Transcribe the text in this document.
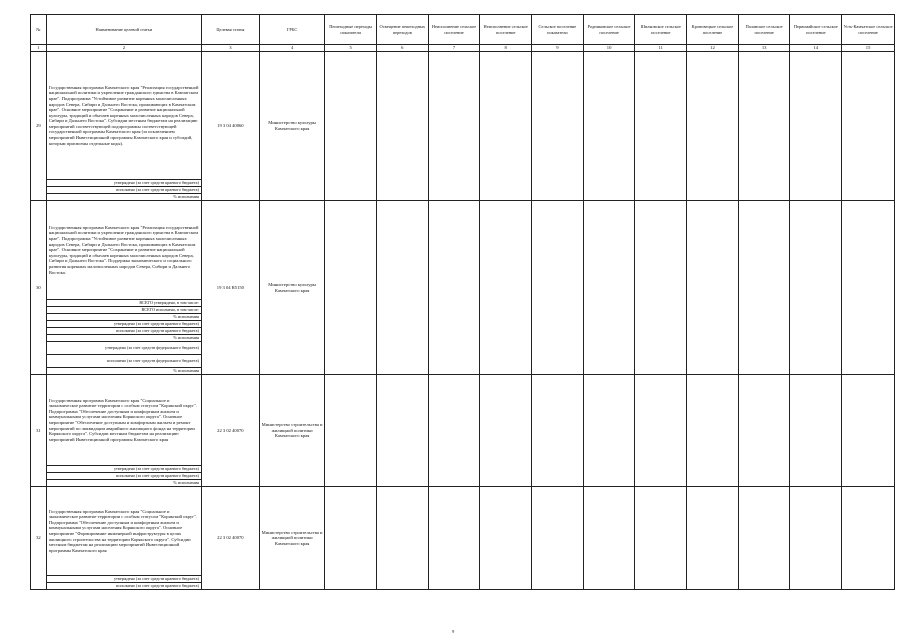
№	Наименование целевой статьи	Целевая статья	ГРБС	Пешеходные переходы показатели	Освещение пешеходных переходов	Неисполнение сельское поселение	Неисполнение сельское поселение	Сельское поселение показатели	Родниковское сельское поселение	Шилковское сельское поселение	Кроновецкое сельское поселение	Паланское сельское поселение	Первомайское сельское поселение	Усть-Камчатское сельское поселение
1	2	3	4	5	6	7	8	9	10	11	12	13	14	15
29	Государственная программа Камчатского края "Реализация государственной национальной политики и укрепление гражданского единства в Камчатском крае". Подпрограмма "Устойчивое развитие коренных малочисленных народов Севера, Сибири и Дальнего Востока, проживающих в Камчатском крае". Основное мероприятие "Сохранение и развитие национальной культуры, традиций и обычаев коренных малочисленных народов Севера, Сибири и Дальнего Востока". Субсидии местным бюджетам на реализацию мероприятий соответствующей подпрограммы соответствующей государственной программы Камчатского края (за исключением мероприятий Инвестиционной программы Камчатского края и субсидий, которым присвоены отдельные коды).	19 3 04 40060	Министерство культуры Камчатского края											
	утверждено (за счет средств краевого бюджета)													
	исполнено (за счет средств краевого бюджета)													
	% исполнения													
30	Государственная программа Камчатского края "Реализация государственной национальной политики и укрепление гражданского единства в Камчатском крае". Подпрограмма "Устойчивое развитие коренных малочисленных народов Севера, Сибири и Дальнего Востока, проживающих в Камчатском крае". Основное мероприятие "Сохранение и развитие национальной культуры, традиций и обычаев коренных малочисленных народов Севера, Сибири и Дальнего Востока". Поддержка экономического и социального развития коренных малочисленных народов Севера, Сибири и Дальнего Востока.	19 3 04 R5150	Министерство культуры Камчатского края											
	ВСЕГО утверждено, в том числе:													
	ВСЕГО исполнено, в том числе:													
	% исполнения													
	утверждено (за счет средств краевого бюджета)													
	исполнено (за счет средств краевого бюджета)													
	% исполнения													
	утверждено (за счет средств федерального бюджета)													
	исполнено (за счет средств федерального бюджета)													
	% исполнения													
31	Государственная программа Камчатского края "Социальное и экономическое развитие территории с особым статусом "Корякский округ". Подпрограмма "Обеспечение доступным и комфортным жильем и коммунальными услугами населения Корякского округа". Основное мероприятие "Обеспечение доступным и комфортным жильем и ремонт мероприятий по ликвидации аварийного жилищного фонда на территории Корякского округа". Субсидии местным бюджетам на реализацию мероприятий Инвестиционной программы Камчатского края	22 3 02 40070	Министерство строительства и жилищной политики Камчатского края											
	утверждено (за счет средств краевого бюджета)													
	исполнено (за счет средств краевого бюджета)													
	% исполнения													
32	Государственная программа Камчатского края "Социальное и экономическое развитие территории с особым статусом "Корякский округ". Подпрограмма "Обеспечение доступным и комфортным жильем и коммунальными услугами населения Корякского округа". Основное мероприятие "Формирование инженерной инфраструктуры в целях жилищного строительства на территории Корякского округа". Субсидии местным бюджетам на реализацию мероприятий Инвестиционной программы Камчатского края	22 3 02 40070	Министерство строительства и жилищной политики Камчатского края											
	утверждено (за счет средств краевого бюджета)													
	исполнено (за счет средств краевого бюджета)													
9
